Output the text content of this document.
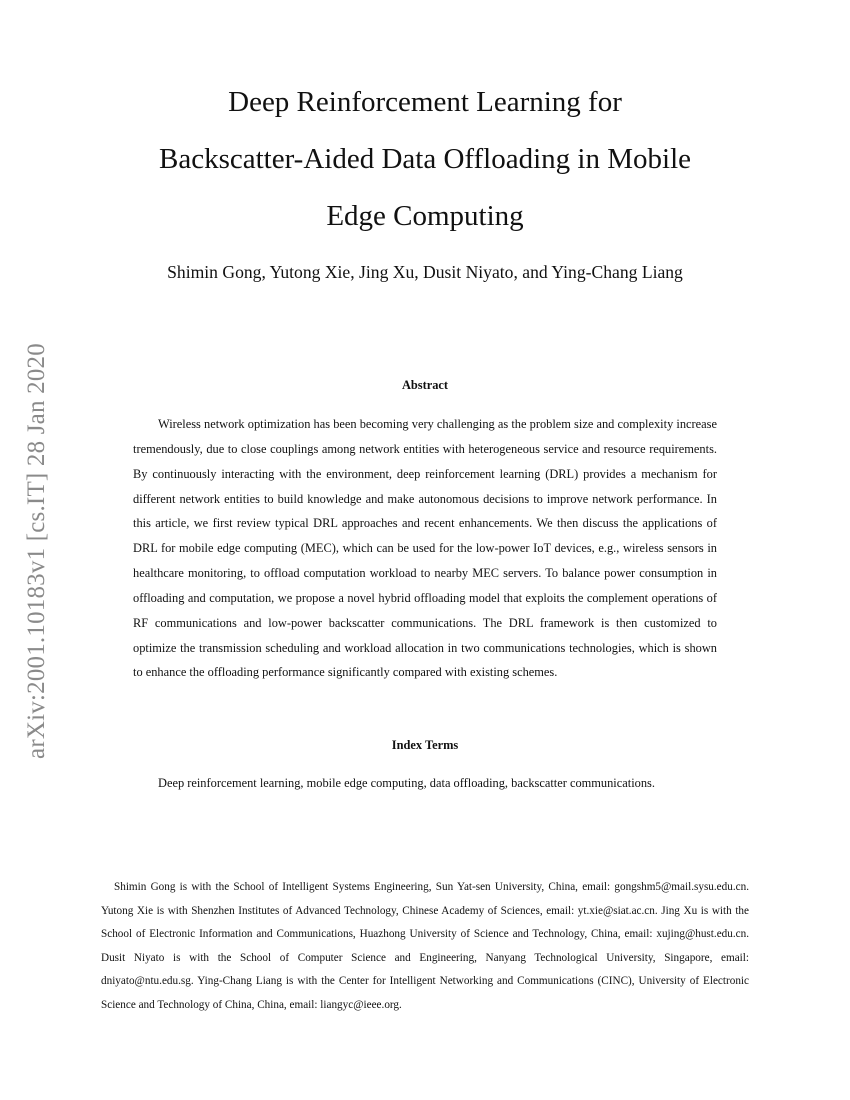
Deep Reinforcement Learning for
Backscatter-Aided Data Offloading in Mobile
Edge Computing

Shimin Gong, Yutong Xie, Jing Xu, Dusit Niyato, and Ying-Chang Liang

arXiv:2001.10183v1 [cs.IT] 28 Jan 2020	Abstract

Wireless network optimization has been becoming very challenging as the problem size and complexity increase tremendously, due to close couplings among network entities with heterogeneous service and resource requirements. By continuously interacting with the environment, deep reinforcement learning (DRL) provides a mechanism for different network entities to build knowledge and make autonomous decisions to improve network performance. In this article, we first review typical DRL approaches and recent enhancements. We then discuss the applications of DRL for mobile edge computing (MEC), which can be used for the low-power IoT devices, e.g., wireless sensors in healthcare monitoring, to offload computation workload to nearby MEC servers. To balance power consumption in offloading and computation, we propose a novel hybrid offloading model that exploits the complement operations of RF communications and low-power backscatter communications. The DRL framework is then customized to optimize the transmission scheduling and workload allocation in two communications technologies, which is shown to enhance the offloading performance significantly compared with existing schemes.

Index Terms

Deep reinforcement learning, mobile edge computing, data offloading, backscatter communications.

Shimin Gong is with the School of Intelligent Systems Engineering, Sun Yat-sen University, China, email: gongshm5@mail.sysu.edu.cn. Yutong Xie is with Shenzhen Institutes of Advanced Technology, Chinese Academy of Sciences, email: yt.xie@siat.ac.cn. Jing Xu is with the School of Electronic Information and Communications, Huazhong University of Science and Technology, China, email: xujing@hust.edu.cn. Dusit Niyato is with the School of Computer Science and Engineering, Nanyang Technological University, Singapore, email: dniyato@ntu.edu.sg. Ying-Chang Liang is with the Center for Intelligent Networking and Communications (CINC), University of Electronic Science and Technology of China, China, email: liangyc@ieee.org.
